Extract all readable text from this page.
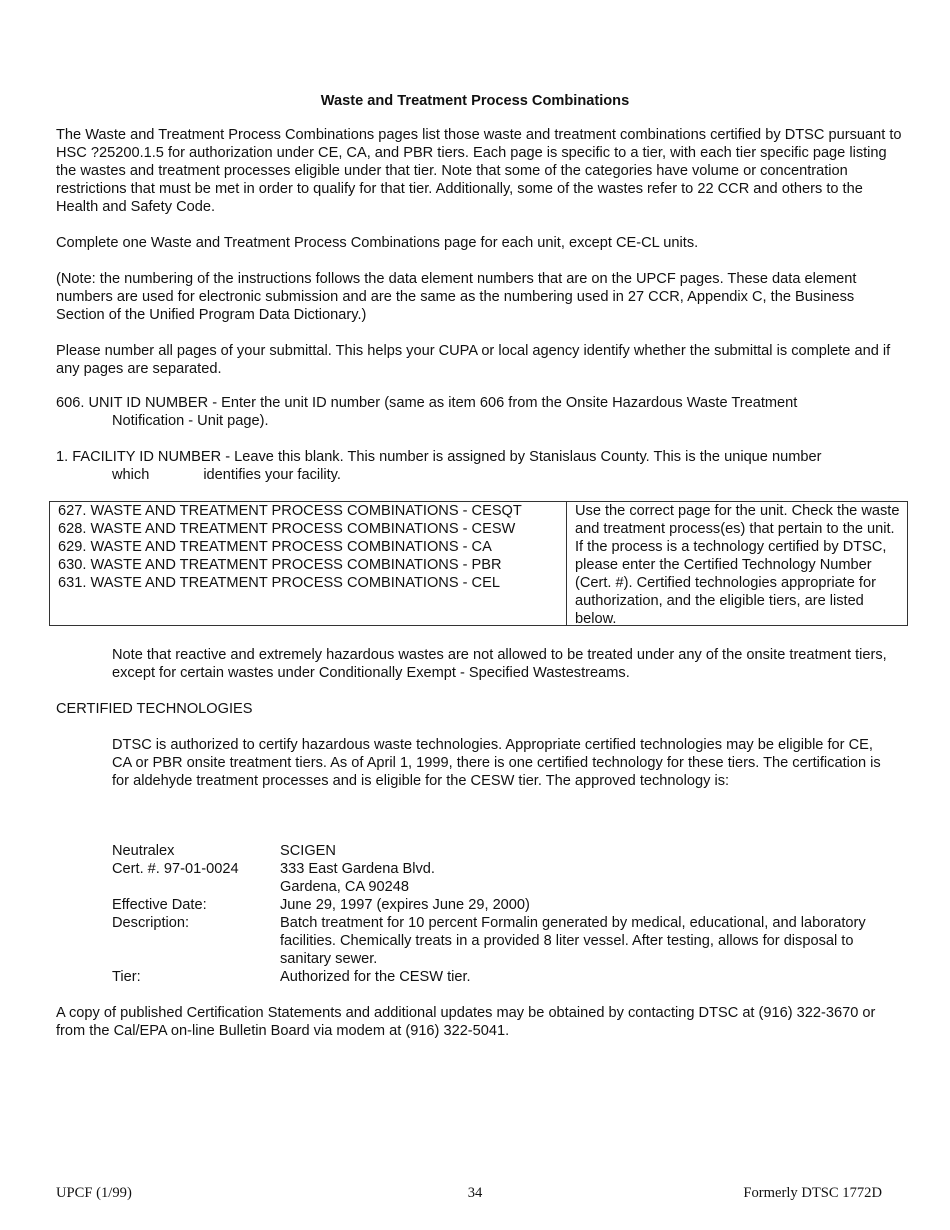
Waste and Treatment Process Combinations
The Waste and Treatment Process Combinations pages list those waste and treatment combinations certified by DTSC pursuant to HSC ?25200.1.5 for authorization under CE, CA, and PBR tiers. Each page is specific to a tier, with each tier specific page listing the wastes and treatment processes eligible under that tier. Note that some of the categories have volume or concentration restrictions that must be met in order to qualify for that tier. Additionally, some of the wastes refer to 22 CCR and others to the Health and Safety Code.
Complete one Waste and Treatment Process Combinations page for each unit, except CE-CL units.
(Note: the numbering of the instructions follows the data element numbers that are on the UPCF pages. These data element numbers are used for electronic submission and are the same as the numbering used in 27 CCR, Appendix C, the Business Section of the Unified Program Data Dictionary.)
Please number all pages of your submittal. This helps your CUPA or local agency identify whether the submittal is complete and if any pages are separated.
606. UNIT ID NUMBER - Enter the unit ID number (same as item 606 from the Onsite Hazardous Waste Treatment
Notification - Unit page).
1. FACILITY ID NUMBER - Leave this blank. This number is assigned by Stanislaus County. This is the unique number
which	identifies your facility.
627. WASTE AND TREATMENT PROCESS COMBINATIONS - CESQT
628. WASTE AND TREATMENT PROCESS COMBINATIONS - CESW
629. WASTE AND TREATMENT PROCESS COMBINATIONS - CA
630. WASTE AND TREATMENT PROCESS COMBINATIONS - PBR
631. WASTE AND TREATMENT PROCESS COMBINATIONS - CEL
Use the correct page for the unit. Check the waste and treatment process(es) that pertain to the unit. If the process is a technology certified by DTSC, please enter the Certified Technology Number (Cert. #). Certified technologies appropriate for authorization, and the eligible tiers, are listed below.
Note that reactive and extremely hazardous wastes are not allowed to be treated under any of the onsite treatment tiers, except for certain wastes under Conditionally Exempt - Specified Wastestreams.
CERTIFIED TECHNOLOGIES
DTSC is authorized to certify hazardous waste technologies. Appropriate certified technologies may be eligible for CE, CA or PBR onsite treatment tiers. As of April 1, 1999, there is one certified technology for these tiers. The certification is for aldehyde treatment processes and is eligible for the CESW tier. The approved technology is:
Neutralex	SCIGEN
Cert. #. 97-01-0024	333 East Gardena Blvd.
Gardena, CA 90248
Effective Date:	June 29, 1997 (expires June 29, 2000)
Description:	Batch treatment for 10 percent Formalin generated by medical, educational, and laboratory facilities. Chemically treats in a provided 8 liter vessel. After testing, allows for disposal to sanitary sewer.
Tier:	Authorized for the CESW tier.
A copy of published Certification Statements and additional updates may be obtained by contacting DTSC at (916) 322-3670 or from the Cal/EPA on-line Bulletin Board via modem at (916) 322-5041.
UPCF (1/99)	34	Formerly DTSC 1772D
